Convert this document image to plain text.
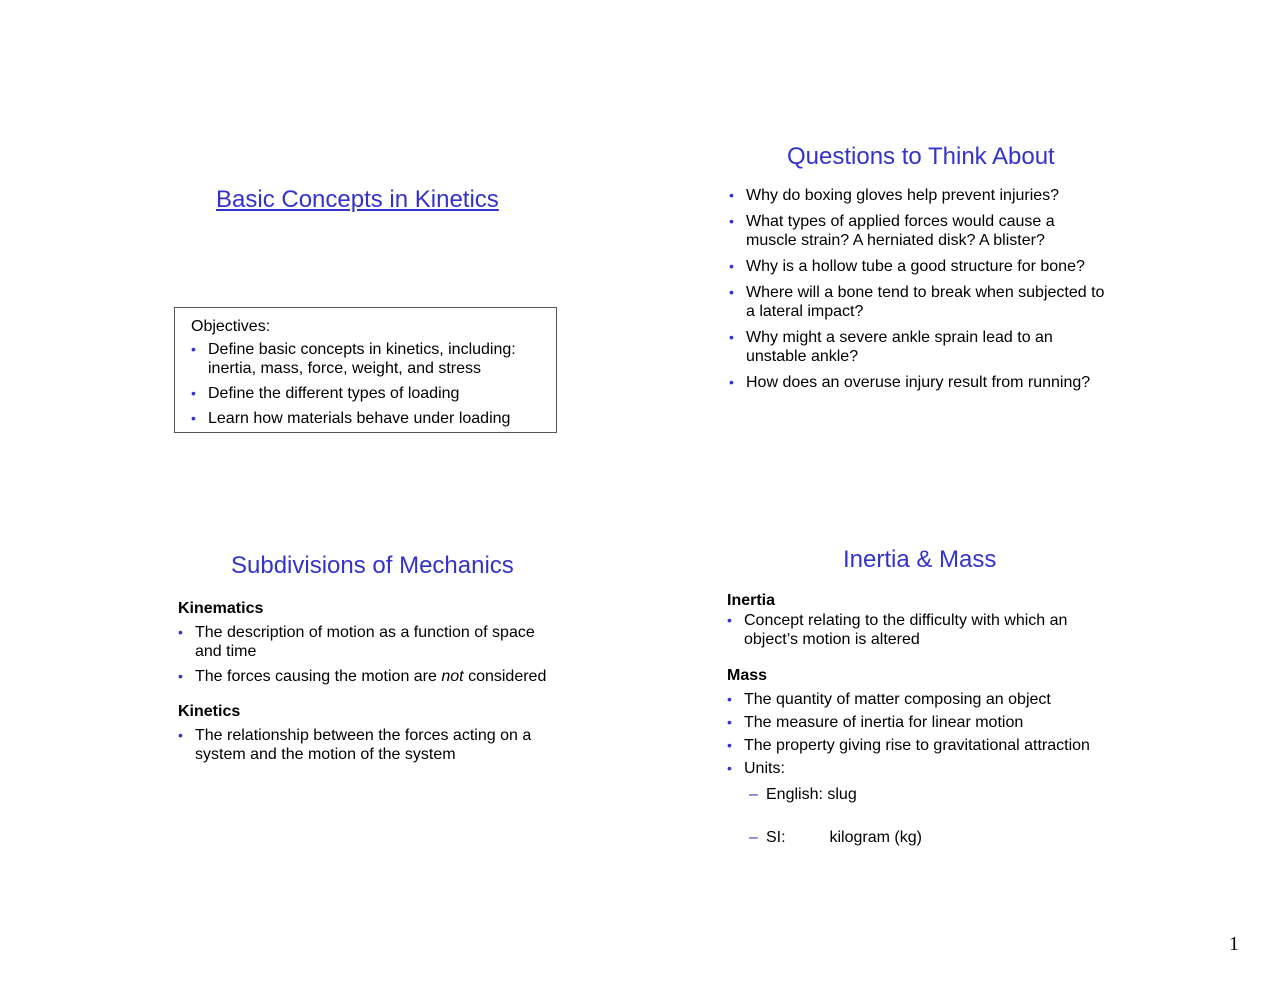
Basic Concepts in Kinetics
Objectives:
• Define basic concepts in kinetics, including: inertia, mass, force, weight, and stress
• Define the different types of loading
• Learn how materials behave under loading
Questions to Think About
• Why do boxing gloves help prevent injuries?
• What types of applied forces would cause a muscle strain? A herniated disk? A blister?
• Why is a hollow tube a good structure for bone?
• Where will a bone tend to break when subjected to a lateral impact?
• Why might a severe ankle sprain lead to an unstable ankle?
• How does an overuse injury result from running?
Subdivisions of Mechanics
Kinematics
• The description of motion as a function of space and time
• The forces causing the motion are not considered
Kinetics
• The relationship between the forces acting on a system and the motion of the system
Inertia & Mass
Inertia
• Concept relating to the difficulty with which an object’s motion is altered
Mass
• The quantity of matter composing an object
• The measure of inertia for linear motion
• The property giving rise to gravitational attraction
• Units:
– English: slug
– SI:	kilogram (kg)
1
